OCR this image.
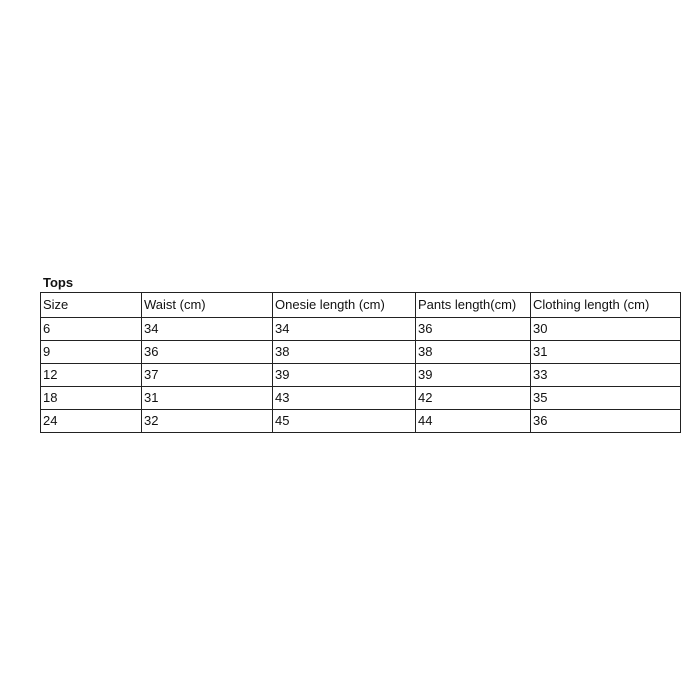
Tops
Size	Waist (cm)	Onesie length (cm)	Pants length(cm)	Clothing length (cm)
6	34	34	36	30
9	36	38	38	31
12	37	39	39	33
18	31	43	42	35
24	32	45	44	36
